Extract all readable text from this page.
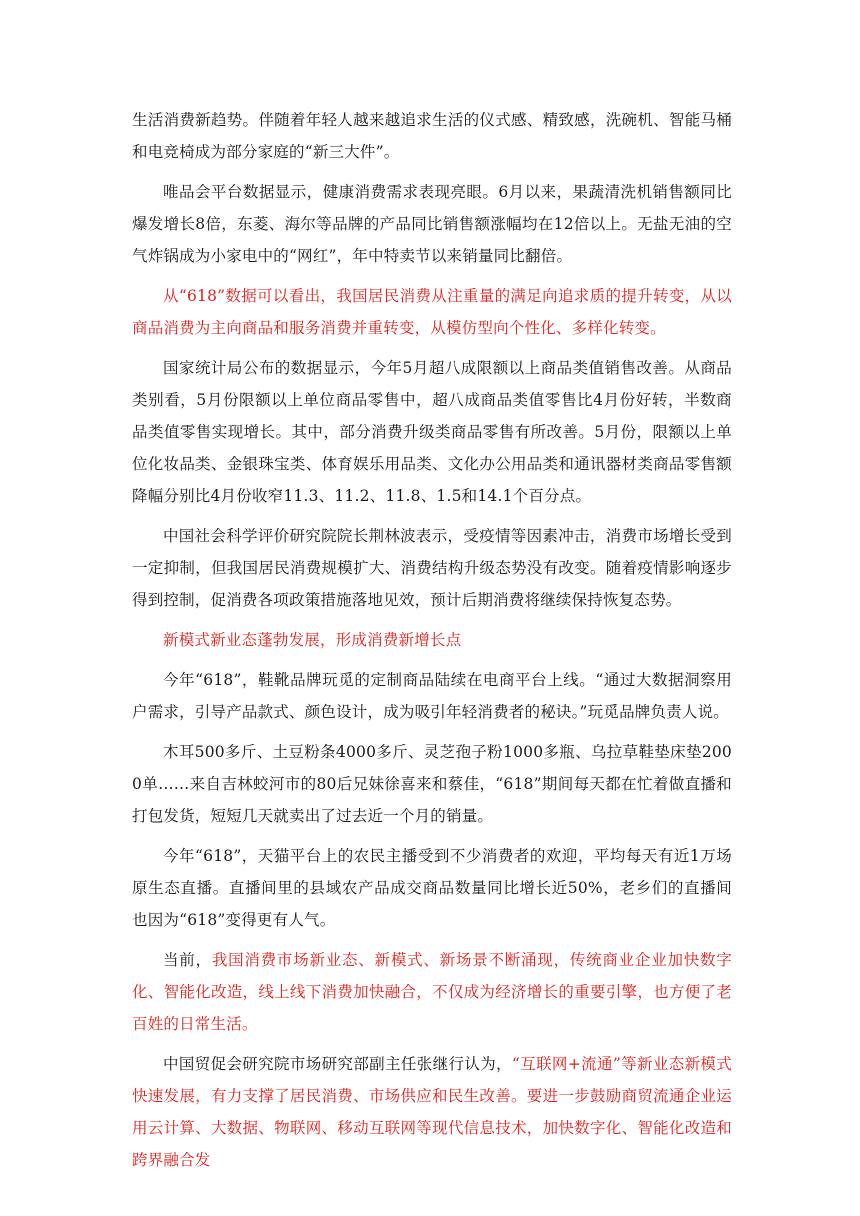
生活消费新趋势。伴随着年轻人越来越追求生活的仪式感、精致感，洗碗机、智能马桶和电竞椅成为部分家庭的“新三大件”。

唯品会平台数据显示，健康消费需求表现亮眼。6月以来，果蔬清洗机销售额同比爆发增长8倍，东菱、海尔等品牌的产品同比销售额涨幅均在12倍以上。无盐无油的空气炸锅成为小家电中的“网红”，年中特卖节以来销量同比翻倍。

从“618”数据可以看出，我国居民消费从注重量的满足向追求质的提升转变，从以商品消费为主向商品和服务消费并重转变，从模仿型向个性化、多样化转变。

国家统计局公布的数据显示，今年5月超八成限额以上商品类值销售改善。从商品类别看，5月份限额以上单位商品零售中，超八成商品类值零售比4月份好转，半数商品类值零售实现增长。其中，部分消费升级类商品零售有所改善。5月份，限额以上单位化妆品类、金银珠宝类、体育娱乐用品类、文化办公用品类和通讯器材类商品零售额降幅分别比4月份收窄11.3、11.2、11.8、1.5和14.1个百分点。

中国社会科学评价研究院院长荆林波表示，受疫情等因素冲击，消费市场增长受到一定抑制，但我国居民消费规模扩大、消费结构升级态势没有改变。随着疫情影响逐步得到控制，促消费各项政策措施落地见效，预计后期消费将继续保持恢复态势。

新模式新业态蓬勃发展，形成消费新增长点

今年“618”，鞋靴品牌玩觅的定制商品陆续在电商平台上线。“通过大数据洞察用户需求，引导产品款式、颜色设计，成为吸引年轻消费者的秘诀。”玩觅品牌负责人说。

木耳500多斤、土豆粉条4000多斤、灵芝孢子粉1000多瓶、乌拉草鞋垫床垫2000单……来自吉林蛟河市的80后兄妹徐喜来和蔡佳，“618”期间每天都在忙着做直播和打包发货，短短几天就卖出了过去近一个月的销量。

今年“618”，天猫平台上的农民主播受到不少消费者的欢迎，平均每天有近1万场原生态直播。直播间里的县域农产品成交商品数量同比增长近50%，老乡们的直播间也因为“618”变得更有人气。

当前，我国消费市场新业态、新模式、新场景不断涌现，传统商业企业加快数字化、智能化改造，线上线下消费加快融合，不仅成为经济增长的重要引擎，也方便了老百姓的日常生活。

中国贸促会研究院市场研究部副主任张继行认为，“互联网+流通”等新业态新模式快速发展，有力支撑了居民消费、市场供应和民生改善。要进一步鼓励商贸流通企业运用云计算、大数据、物联网、移动互联网等现代信息技术，加快数字化、智能化改造和跨界融合发
